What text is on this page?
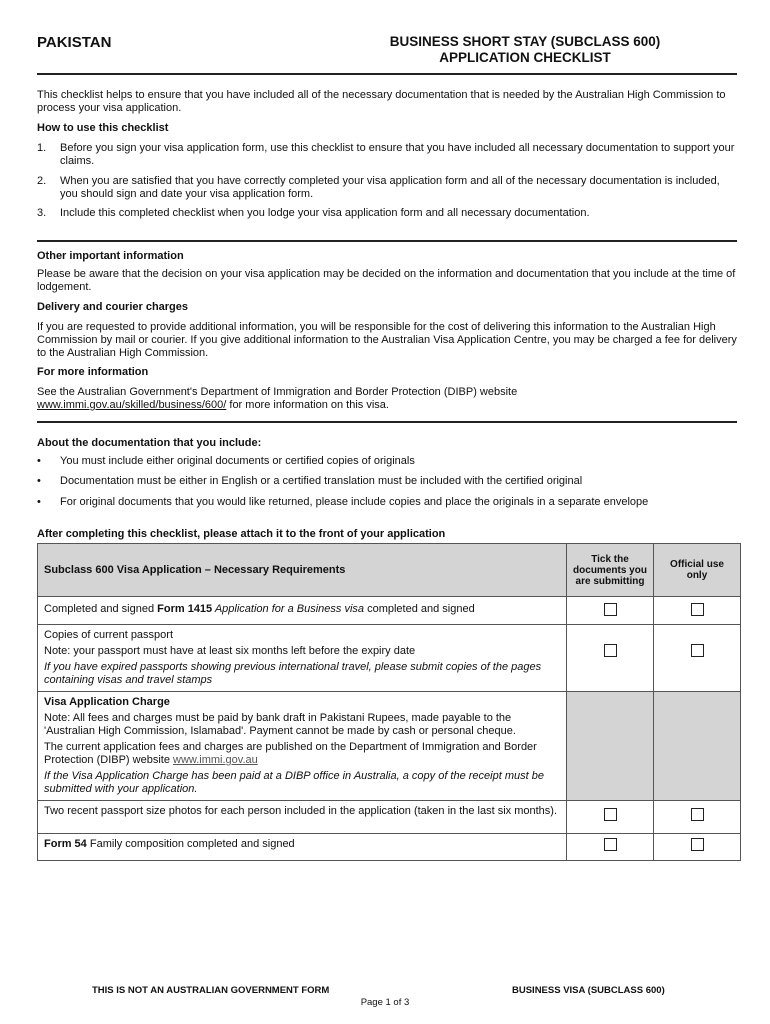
PAKISTAN	BUSINESS SHORT STAY (SUBCLASS 600)
APPLICATION CHECKLIST
This checklist helps to ensure that you have included all of the necessary documentation that is needed by the Australian High Commission to process your visa application.
How to use this checklist
1.	Before you sign your visa application form, use this checklist to ensure that you have included all necessary documentation to support your claims.
2.	When you are satisfied that you have correctly completed your visa application form and all of the necessary documentation is included, you should sign and date your visa application form.
3.	Include this completed checklist when you lodge your visa application form and all necessary documentation.
Other important information
Please be aware that the decision on your visa application may be decided on the information and documentation that you include at the time of lodgement.
Delivery and courier charges
If you are requested to provide additional information, you will be responsible for the cost of delivering this information to the Australian High Commission by mail or courier. If you give additional information to the Australian Visa Application Centre, you may be charged a fee for delivery to the Australian High Commission.
For more information
See the Australian Government's Department of Immigration and Border Protection (DIBP) website
www.immi.gov.au/skilled/business/600/ for more information on this visa.
About the documentation that you include:
• You must include either original documents or certified copies of originals
• Documentation must be either in English or a certified translation must be included with the certified original
• For original documents that you would like returned, please include copies and place the originals in a separate envelope
After completing this checklist, please attach it to the front of your application
Subclass 600 Visa Application – Necessary Requirements	Tick the documents you are submitting	Official use only
Completed and signed Form 1415 Application for a Business visa completed and signed		

Copies of current passport
Note: your passport must have at least six months left before the expiry date
If you have expired passports showing previous international travel, please submit copies of the pages containing visas and travel stamps		

Visa Application Charge
Note: All fees and charges must be paid by bank draft in Pakistani Rupees, made payable to the 'Australian High Commission, Islamabad'. Payment cannot be made by cash or personal cheque.
The current application fees and charges are published on the Department of Immigration and Border Protection (DIBP) website www.immi.gov.au
If the Visa Application Charge has been paid at a DIBP office in Australia, a copy of the receipt must be submitted with your application.		

Two recent passport size photos for each person included in the application (taken in the last six months).		
Form 54 Family composition completed and signed		
THIS IS NOT AN AUSTRALIAN GOVERNMENT FORM	BUSINESS VISA (SUBCLASS 600)
Page 1 of 3
